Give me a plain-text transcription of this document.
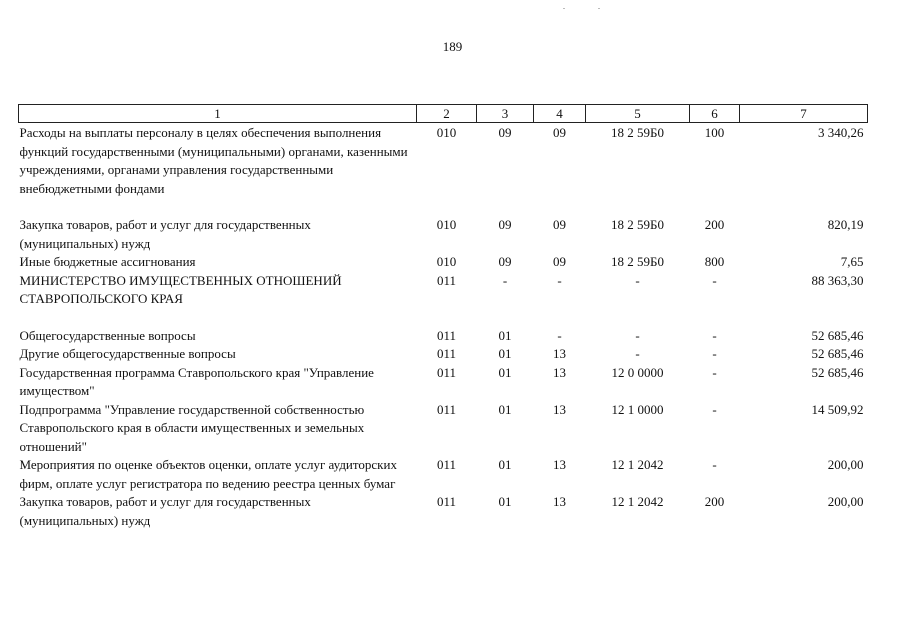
189
1	2	3	4	5	6	7
Расходы на выплаты персоналу в целях обеспечения выполнения функций государственными (муниципальными) органами, казенными учреждениями, органами управления государственными внебюджетными фондами	010	09	09	18 2 59Б0	100	3 340,26
Закупка товаров, работ и услуг для государственных (муниципальных) нужд	010	09	09	18 2 59Б0	200	820,19
Иные бюджетные ассигнования	010	09	09	18 2 59Б0	800	7,65
МИНИСТЕРСТВО ИМУЩЕСТВЕННЫХ ОТНОШЕНИЙ СТАВРОПОЛЬСКОГО КРАЯ	011	-	-	-	-	88 363,30
Общегосударственные вопросы	011	01	-	-	-	52 685,46
Другие общегосударственные вопросы	011	01	13	-	-	52 685,46
Государственная программа Ставропольского края "Управление имуществом"	011	01	13	12 0 0000	-	52 685,46
Подпрограмма "Управление государственной собственностью Ставропольского края в области имущественных и земельных отношений"	011	01	13	12 1 0000	-	14 509,92
Мероприятия по оценке объектов оценки, оплате услуг аудиторских фирм, оплате услуг регистратора по ведению реестра ценных бумаг	011	01	13	12 1 2042	-	200,00
Закупка товаров, работ и услуг для государственных (муниципальных) нужд	011	01	13	12 1 2042	200	200,00
